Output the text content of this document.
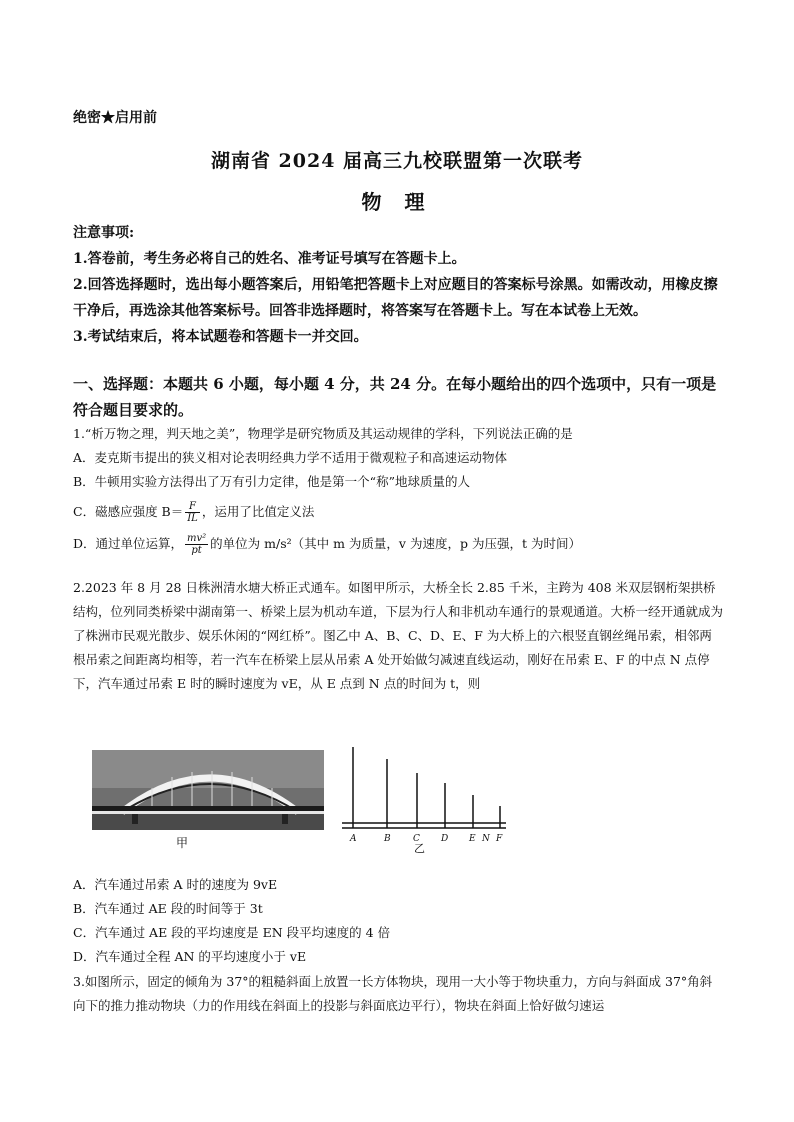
绝密★启用前
湖南省 2024 届高三九校联盟第一次联考
物 理
注意事项:
1.答卷前，考生务必将自己的姓名、准考证号填写在答题卡上。
2.回答选择题时，选出每小题答案后，用铅笔把答题卡上对应题目的答案标号涂黑。如需改动，用橡皮擦干净后，再选涂其他答案标号。回答非选择题时，将答案写在答题卡上。写在本试卷上无效。
3.考试结束后，将本试题卷和答题卡一并交回。
一、选择题：本题共 6 小题，每小题 4 分，共 24 分。在每小题给出的四个选项中，只有一项是符合题目要求的。

1.“析万物之理，判天地之美”，物理学是研究物质及其运动规律的学科，下列说法正确的是

A．麦克斯韦提出的狭义相对论表明经典力学不适用于微观粒子和高速运动物体

B．牛顿用实验方法得出了万有引力定律，他是第一个“称”地球质量的人

C．磁感应强度 $B= \frac{F}{IL}$ ，运用了比值定义法

D．通过单位运算， $\frac{\text{mv²}}{pt}$ 的单位为 m/s²（其中 m 为质量，v 为速度，p 为压强，t 为时间）

2.2023 年 8 月 28 日株洲清水塘大桥正式通车。如图甲所示，大桥全长 2.85 千米，主跨为 408 米双层钢桁架拱桥结构，位列同类桥梁中湖南第一、桥梁上层为机动车道，下层为行人和非机动车通行的景观通道。大桥一经开通就成为了株洲市民观光散步、娱乐休闲的“网红桥”。图乙中 A、B、C、D、E、F 为大桥上的六根竖直钢丝绳吊索，相邻两根吊索之间距离均相等，若一汽车在桥梁上层从吊索 A 处开始做匀减速直线运动，刚好在吊索 E、F 的中点 N 点停下，汽车通过吊索 E 时的瞬时速度为 vE，从 E 点到 N 点的时间为 t，则
甲	A	B C D E N F
乙

A．汽车通过吊索 A 时的速度为 9vE

B．汽车通过 AE 段的时间等于 3t

C．汽车通过 AE 段的平均速度是 EN 段平均速度的 4 倍

D．汽车通过全程 AN 的平均速度小于 vE

3.如图所示，固定的倾角为 37°的粗糙斜面上放置一长方体物块，现用一大小等于物块重力，方向与斜面成 37°角斜向下的推力推动物块（力的作用线在斜面上的投影与斜面底边平行），物块在斜面上恰好做匀速运
